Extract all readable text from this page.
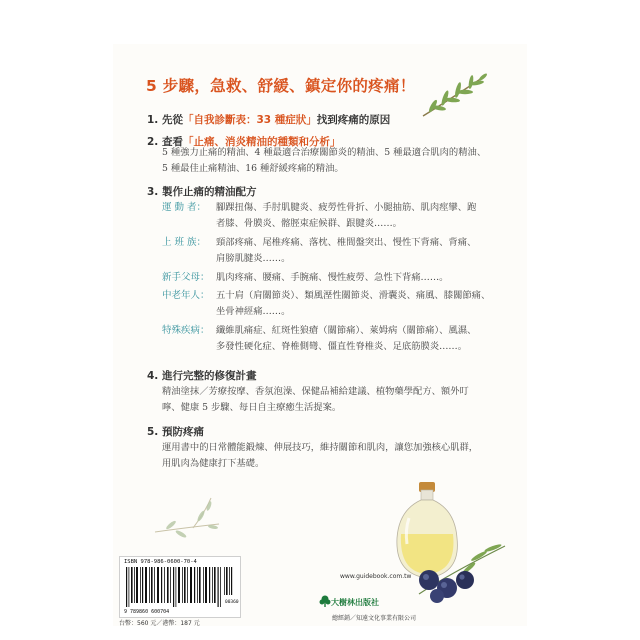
5 步驟，急救、舒緩、鎮定你的疼痛！
1. 先從「自我診斷表：33 種症狀」找到疼痛的原因
2. 查看「止痛、消炎精油的種類和分析」
5 種強力止痛的精油、4 種最適合治療關節炎的精油、5 種最適合肌肉的精油、
5 種最佳止痛精油、16 種舒緩疼痛的精油。
3. 製作止痛的精油配方
運 動 者：	腳踝扭傷、手肘肌腱炎、疲勞性骨折、小腿抽筋、肌肉痙攣、跑
者膝、骨膜炎、髂脛束症候群、跟腱炎……。
上 班 族：	頸部疼痛、尾椎疼痛、落枕、椎間盤突出、慢性下背痛、背痛、
肩膀肌腱炎……。
新手父母： 肌肉疼痛、腰痛、手腕痛、慢性疲勞、急性下背痛……。
中老年人： 五十肩（肩關節炎）、類風溼性關節炎、滑囊炎、痛風、膝關節痛、
坐骨神經痛……。
特殊疾病： 纖維肌痛症、紅斑性狼瘡（關節痛）、萊姆病（關節痛）、風濕、
多發性硬化症、脊椎側彎、僵直性脊椎炎、足底筋膜炎……。
4. 進行完整的修復計畫
精油塗抹／芳療按摩、香氛泡澡、保健品補給建議、植物藥學配方、額外叮
嚀、健康 5 步驟、每日自主療癒生活提案。
5. 預防疼痛
運用書中的日常體能鍛煉、伸展技巧，維持關節和肌肉，讓您加強核心肌群，
用肌肉為健康打下基礎。
ISBN 978-986-0600-70-4
00360
9 789860 600704
台幣：560 元／港幣：187 元
www.guidebook.com.tw
大樹林出版社
總經銷／知遠文化事業有限公司
